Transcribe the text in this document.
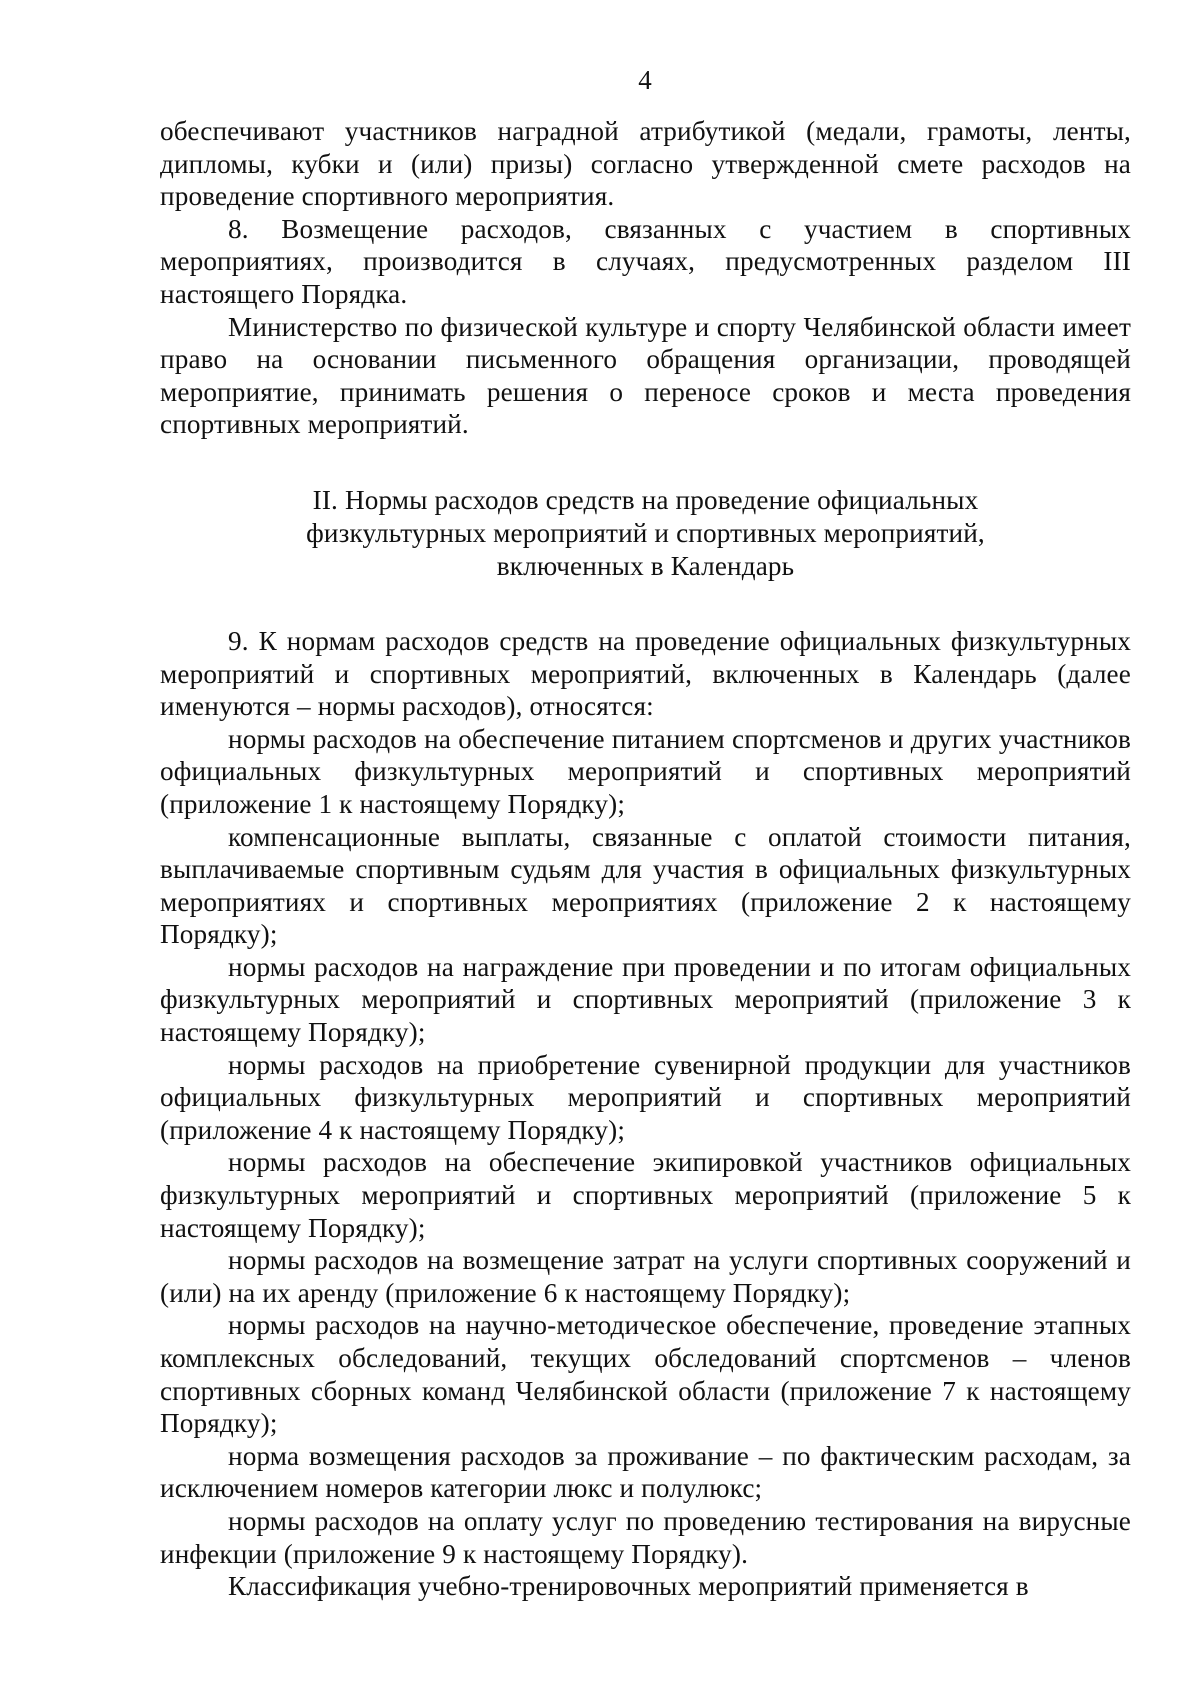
4

обеспечивают участников наградной атрибутикой (медали, грамоты, ленты, дипломы, кубки и (или) призы) согласно утвержденной смете расходов на проведение спортивного мероприятия.

8. Возмещение расходов, связанных с участием в спортивных мероприятиях, производится в случаях, предусмотренных разделом III настоящего Порядка.

Министерство по физической культуре и спорту Челябинской области имеет право на основании письменного обращения организации, проводящей мероприятие, принимать решения о переносе сроков и места проведения спортивных мероприятий.

II. Нормы расходов средств на проведение официальных
физкультурных мероприятий и спортивных мероприятий,
включенных в Календарь

9. К нормам расходов средств на проведение официальных физкультурных мероприятий и спортивных мероприятий, включенных в Календарь (далее именуются – нормы расходов), относятся:

нормы расходов на обеспечение питанием спортсменов и других участников официальных физкультурных мероприятий и спортивных мероприятий (приложение 1 к настоящему Порядку);

компенсационные выплаты, связанные с оплатой стоимости питания, выплачиваемые спортивным судьям для участия в официальных физкультурных мероприятиях и спортивных мероприятиях (приложение 2 к настоящему Порядку);

нормы расходов на награждение при проведении и по итогам официальных физкультурных мероприятий и спортивных мероприятий (приложение 3 к настоящему Порядку);

нормы расходов на приобретение сувенирной продукции для участников официальных физкультурных мероприятий и спортивных мероприятий (приложение 4 к настоящему Порядку);

нормы расходов на обеспечение экипировкой участников официальных физкультурных мероприятий и спортивных мероприятий (приложение 5 к настоящему Порядку);

нормы расходов на возмещение затрат на услуги спортивных сооружений и (или) на их аренду (приложение 6 к настоящему Порядку);

нормы расходов на научно-методическое обеспечение, проведение этапных комплексных обследований, текущих обследований спортсменов – членов спортивных сборных команд Челябинской области (приложение 7 к настоящему Порядку);

норма возмещения расходов за проживание – по фактическим расходам, за исключением номеров категории люкс и полулюкс;

нормы расходов на оплату услуг по проведению тестирования на вирусные инфекции (приложение 9 к настоящему Порядку).

Классификация учебно-тренировочных мероприятий применяется в
